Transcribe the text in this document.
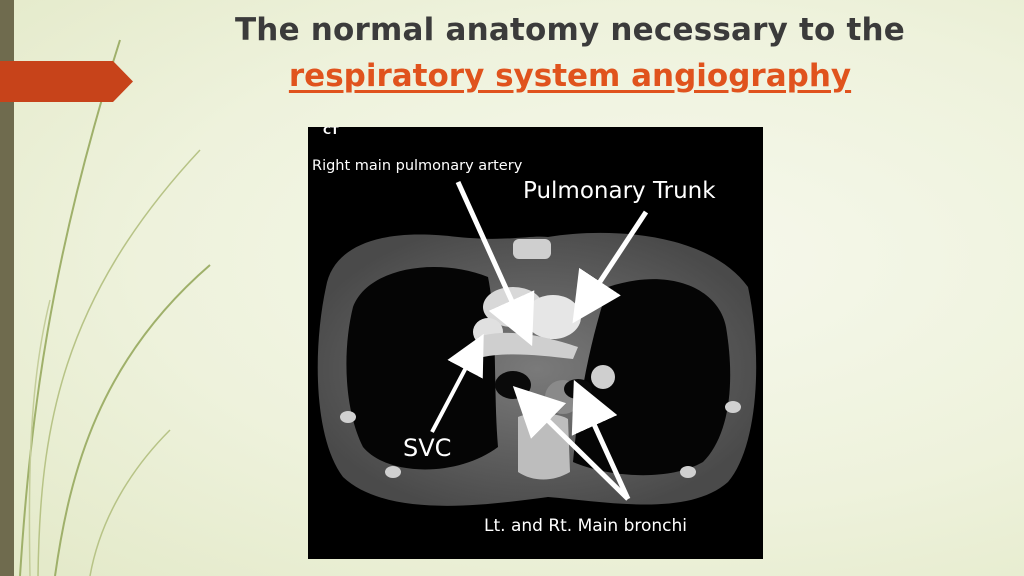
The normal anatomy necessary to the
respiratory system angiography
CT
Right main pulmonary artery
Pulmonary Trunk
SVC
Lt. and Rt. Main bronchi
